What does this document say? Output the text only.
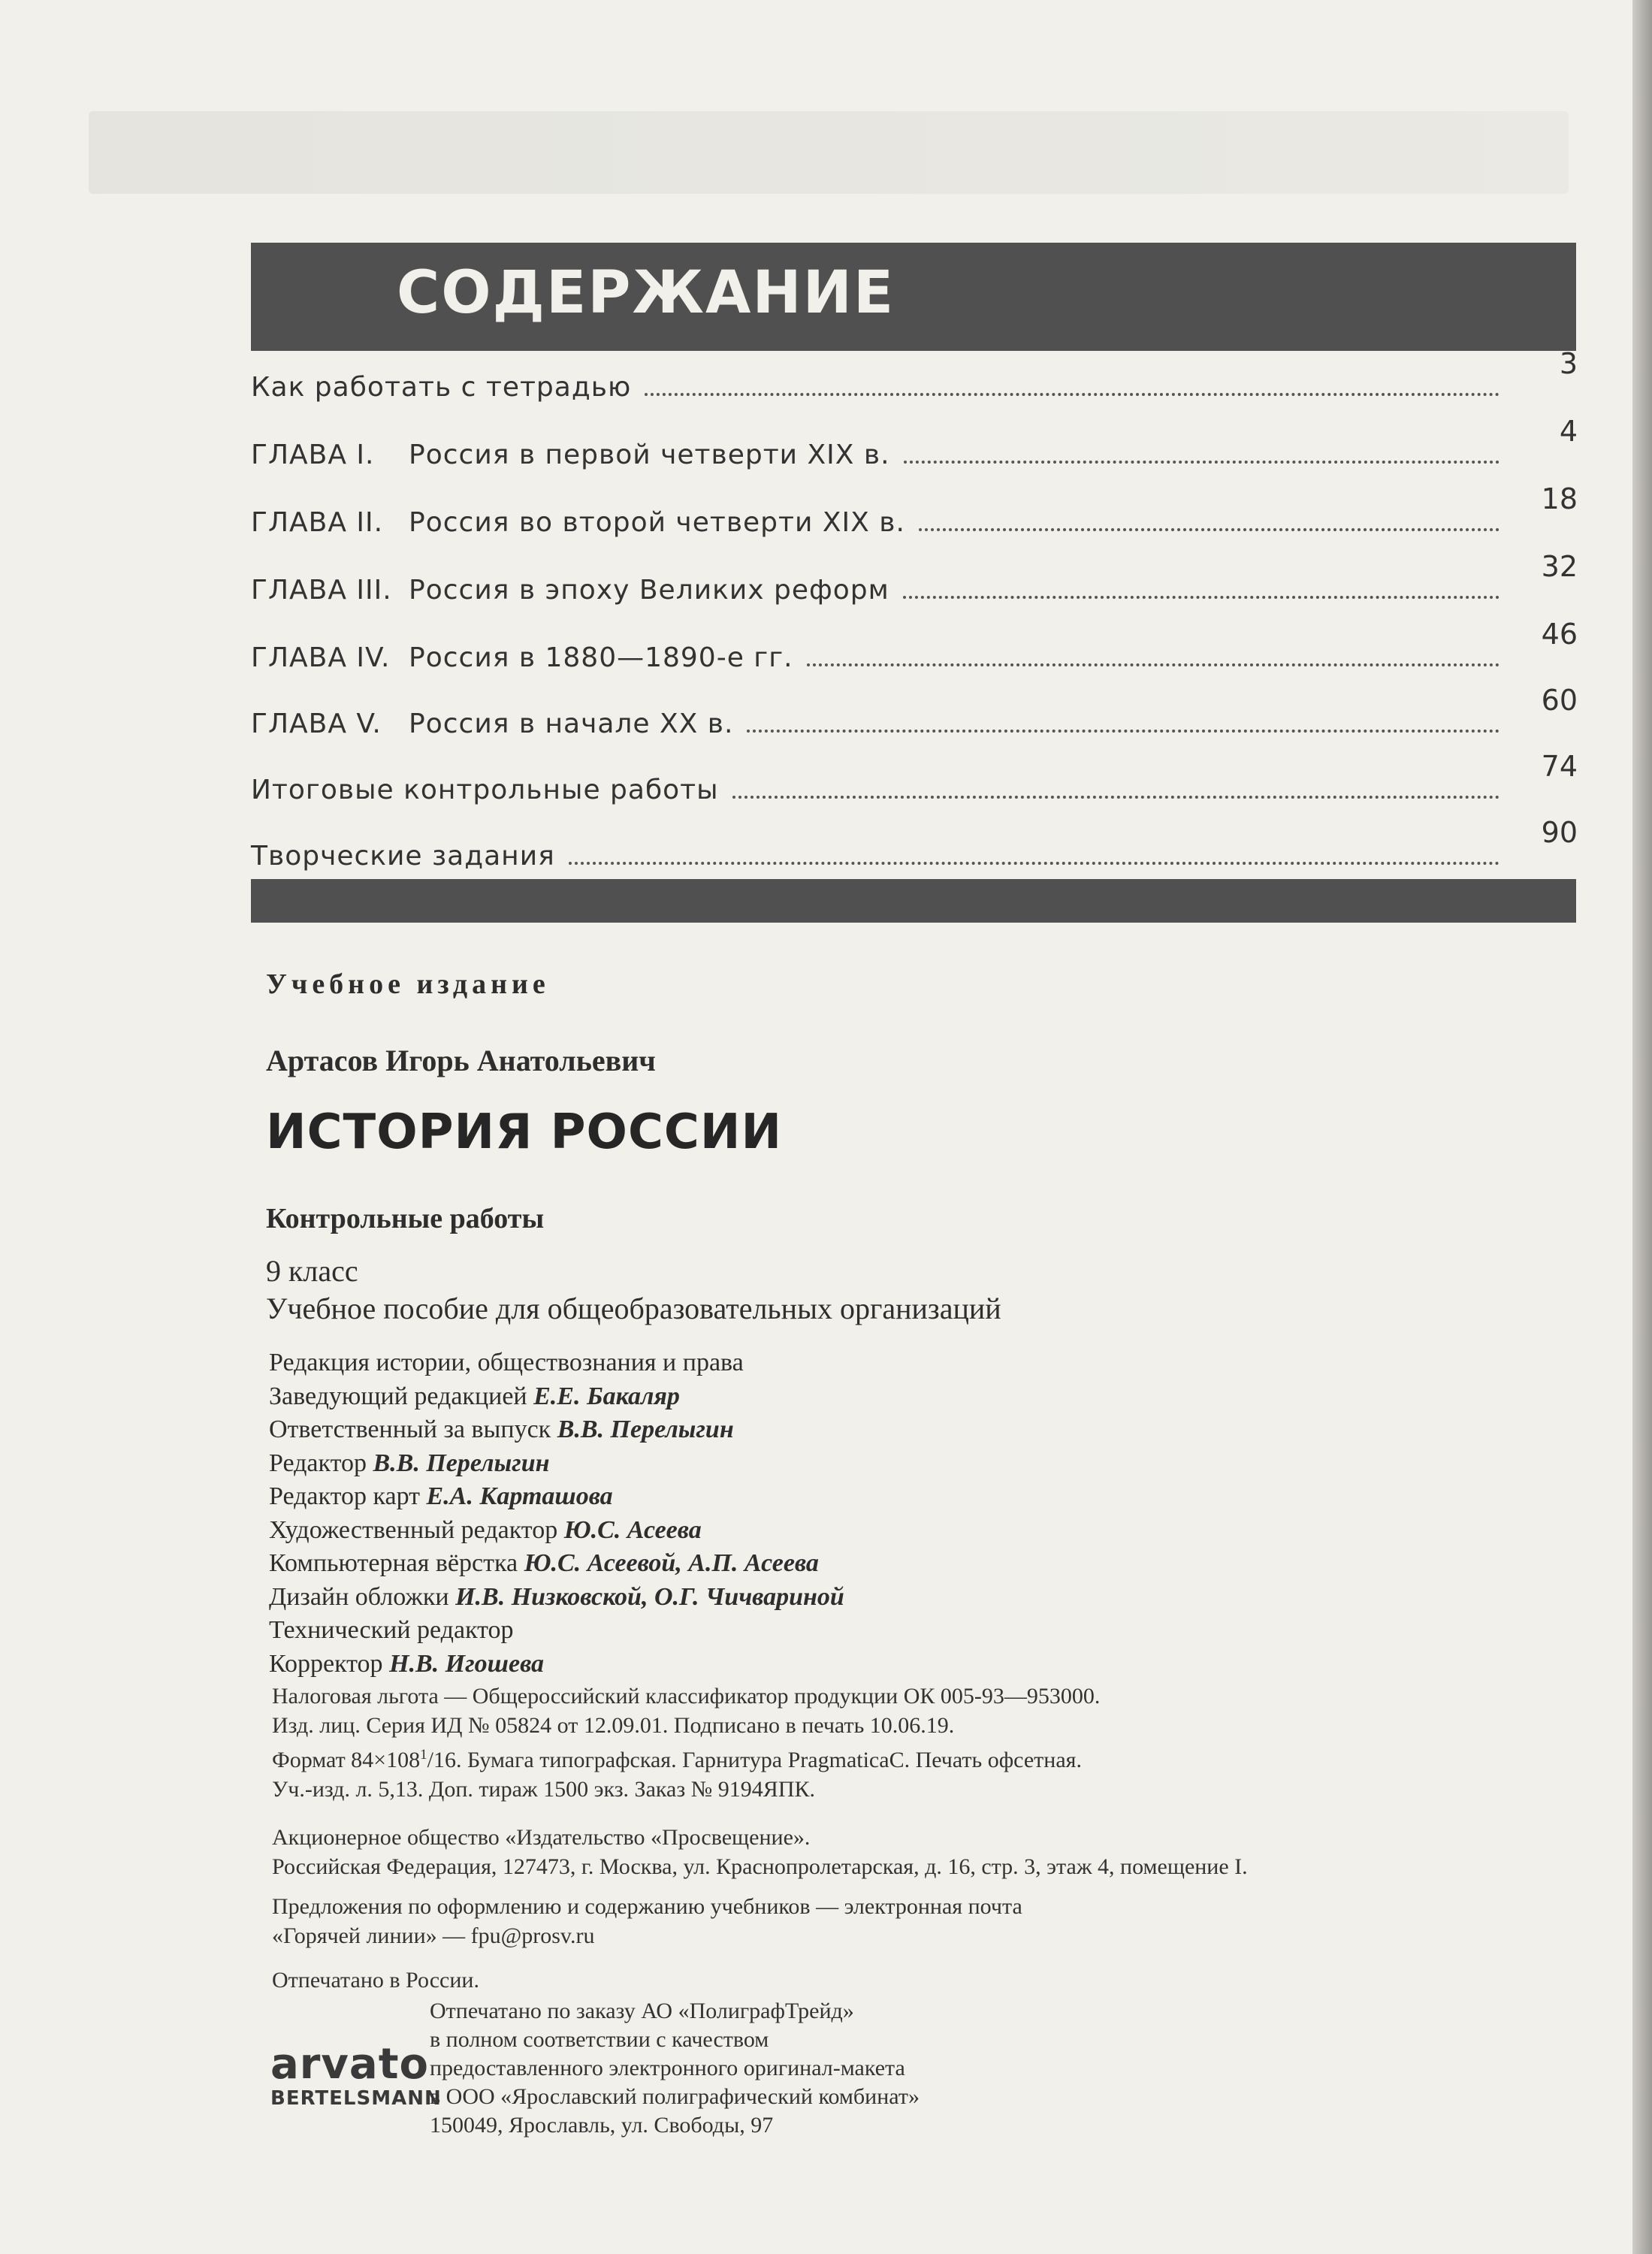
СОДЕРЖАНИЕ
Как работать с тетрадью
3
ГЛАВА I.	Россия в первой четверти XIX в.
4
ГЛАВА II. Россия во второй четверти XIX в.
18
ГЛАВА III. Россия в эпоху Великих реформ
32
ГЛАВА IV. Россия в 1880—1890-е гг.
46
ГЛАВА V.	Россия в начале XX в.
60
Итоговые контрольные работы
74
Творческие задания
90
Учебное издание
Артасов Игорь Анатольевич
ИСТОРИЯ РОССИИ
Контрольные работы
9 класс
Учебное пособие для общеобразовательных организаций
Редакция истории, обществознания и права
Заведующий редакцией Е.Е. Бакаляр
Ответственный за выпуск В.В. Перелыгин
Редактор В.В. Перелыгин
Редактор карт Е.А. Карташова
Художественный редактор Ю.С. Асеева
Компьютерная вёрстка Ю.С. Асеевой, А.П. Асеева
Дизайн обложки И.В. Низковской, О.Г. Чичвариной
Технический редактор
Корректор Н.В. Игошева
Налоговая льгота — Общероссийский классификатор продукции ОК 005-93—953000.
Изд. лиц. Серия ИД № 05824 от 12.09.01. Подписано в печать 10.06.19.
Формат $84\times 108^1/16$. Бумага типографская. Гарнитура PragmaticaC. Печать офсетная.
Уч.-изд. л. 5,13. Доп. тираж 1500 экз. Заказ № 9194ЯПК.
Акционерное общество «Издательство «Просвещение».
Российская Федерация, 127473, г. Москва, ул. Краснопролетарская, д. 16, стр. 3, этаж 4, помещение I.
Предложения по оформлению и содержанию учебников — электронная почта
«Горячей линии» — fpu@prosv.ru
Отпечатано в России.
arvato
BERTELSMANN
Отпечатано по заказу АО «ПолиграфТрейд»
в полном соответствии с качеством
предоставленного электронного оригинал-макета
в ООО «Ярославский полиграфический комбинат»
150049, Ярославль, ул. Свободы, 97
